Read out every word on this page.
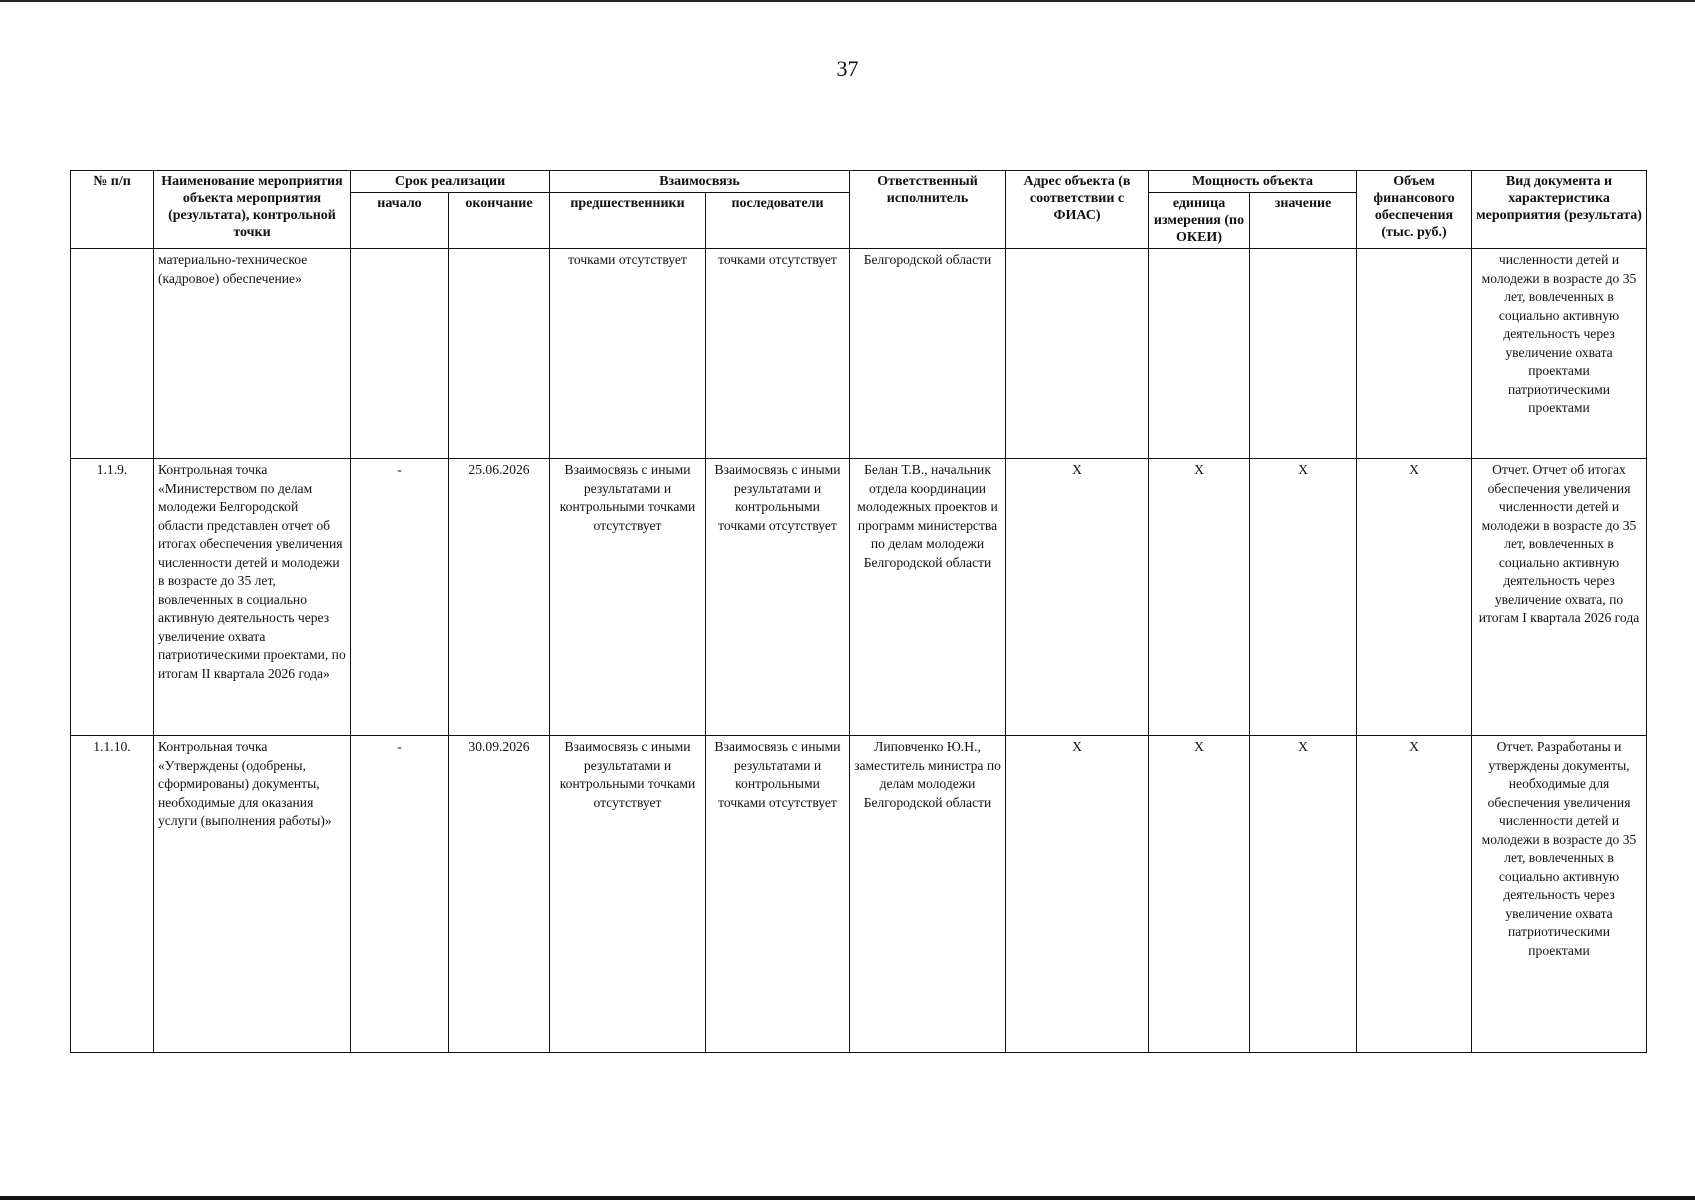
37
№ п/п	Наименование мероприятия объекта мероприятия (результата), контрольной точки	Срок реализации		Взаимосвязь		Ответственный исполнитель	Адрес объекта (в соответствии с ФИАС)	Мощность объекта		Объем финансового обеспечения (тыс. руб.)	Вид документа и характеристика мероприятия (результата)
		начало	окончание	предшественники	последователи			единица измерения (по ОКЕИ)	значение		
	материально-техническое (кадровое) обеспечение»			точками отсутствует	точками отсутствует	Белгородской области					численности детей и молодежи в возрасте до 35 лет, вовлеченных в социально активную деятельность через увеличение охвата проектами патриотическими проектами
1.1.9.	Контрольная точка «Министерством по делам молодежи Белгородской области представлен отчет об итогах обеспечения увеличения численности детей и молодежи в возрасте до 35 лет, вовлеченных в социально активную деятельность через увеличение охвата патриотическими проектами, по итогам II квартала 2026 года»	-	25.06.2026	Взаимосвязь с иными результатами и контрольными точками отсутствует	Взаимосвязь с иными результатами и контрольными точками отсутствует	Белан Т.В., начальник отдела координации молодежных проектов и программ министерства по делам молодежи Белгородской области	X	X	X	X	Отчет. Отчет об итогах обеспечения увеличения численности детей и молодежи в возрасте до 35 лет, вовлеченных в социально активную деятельность через увеличение охвата, по итогам I квартала 2026 года
1.1.10.	Контрольная точка «Утверждены (одобрены, сформированы) документы, необходимые для оказания услуги (выполнения работы)»	-	30.09.2026	Взаимосвязь с иными результатами и контрольными точками отсутствует	Взаимосвязь с иными результатами и контрольными точками отсутствует	Липовченко Ю.Н., заместитель министра по делам молодежи Белгородской области	X	X	X	X	Отчет. Разработаны и утверждены документы, необходимые для обеспечения увеличения численности детей и молодежи в возрасте до 35 лет, вовлеченных в социально активную деятельность через увеличение охвата патриотическими проектами
